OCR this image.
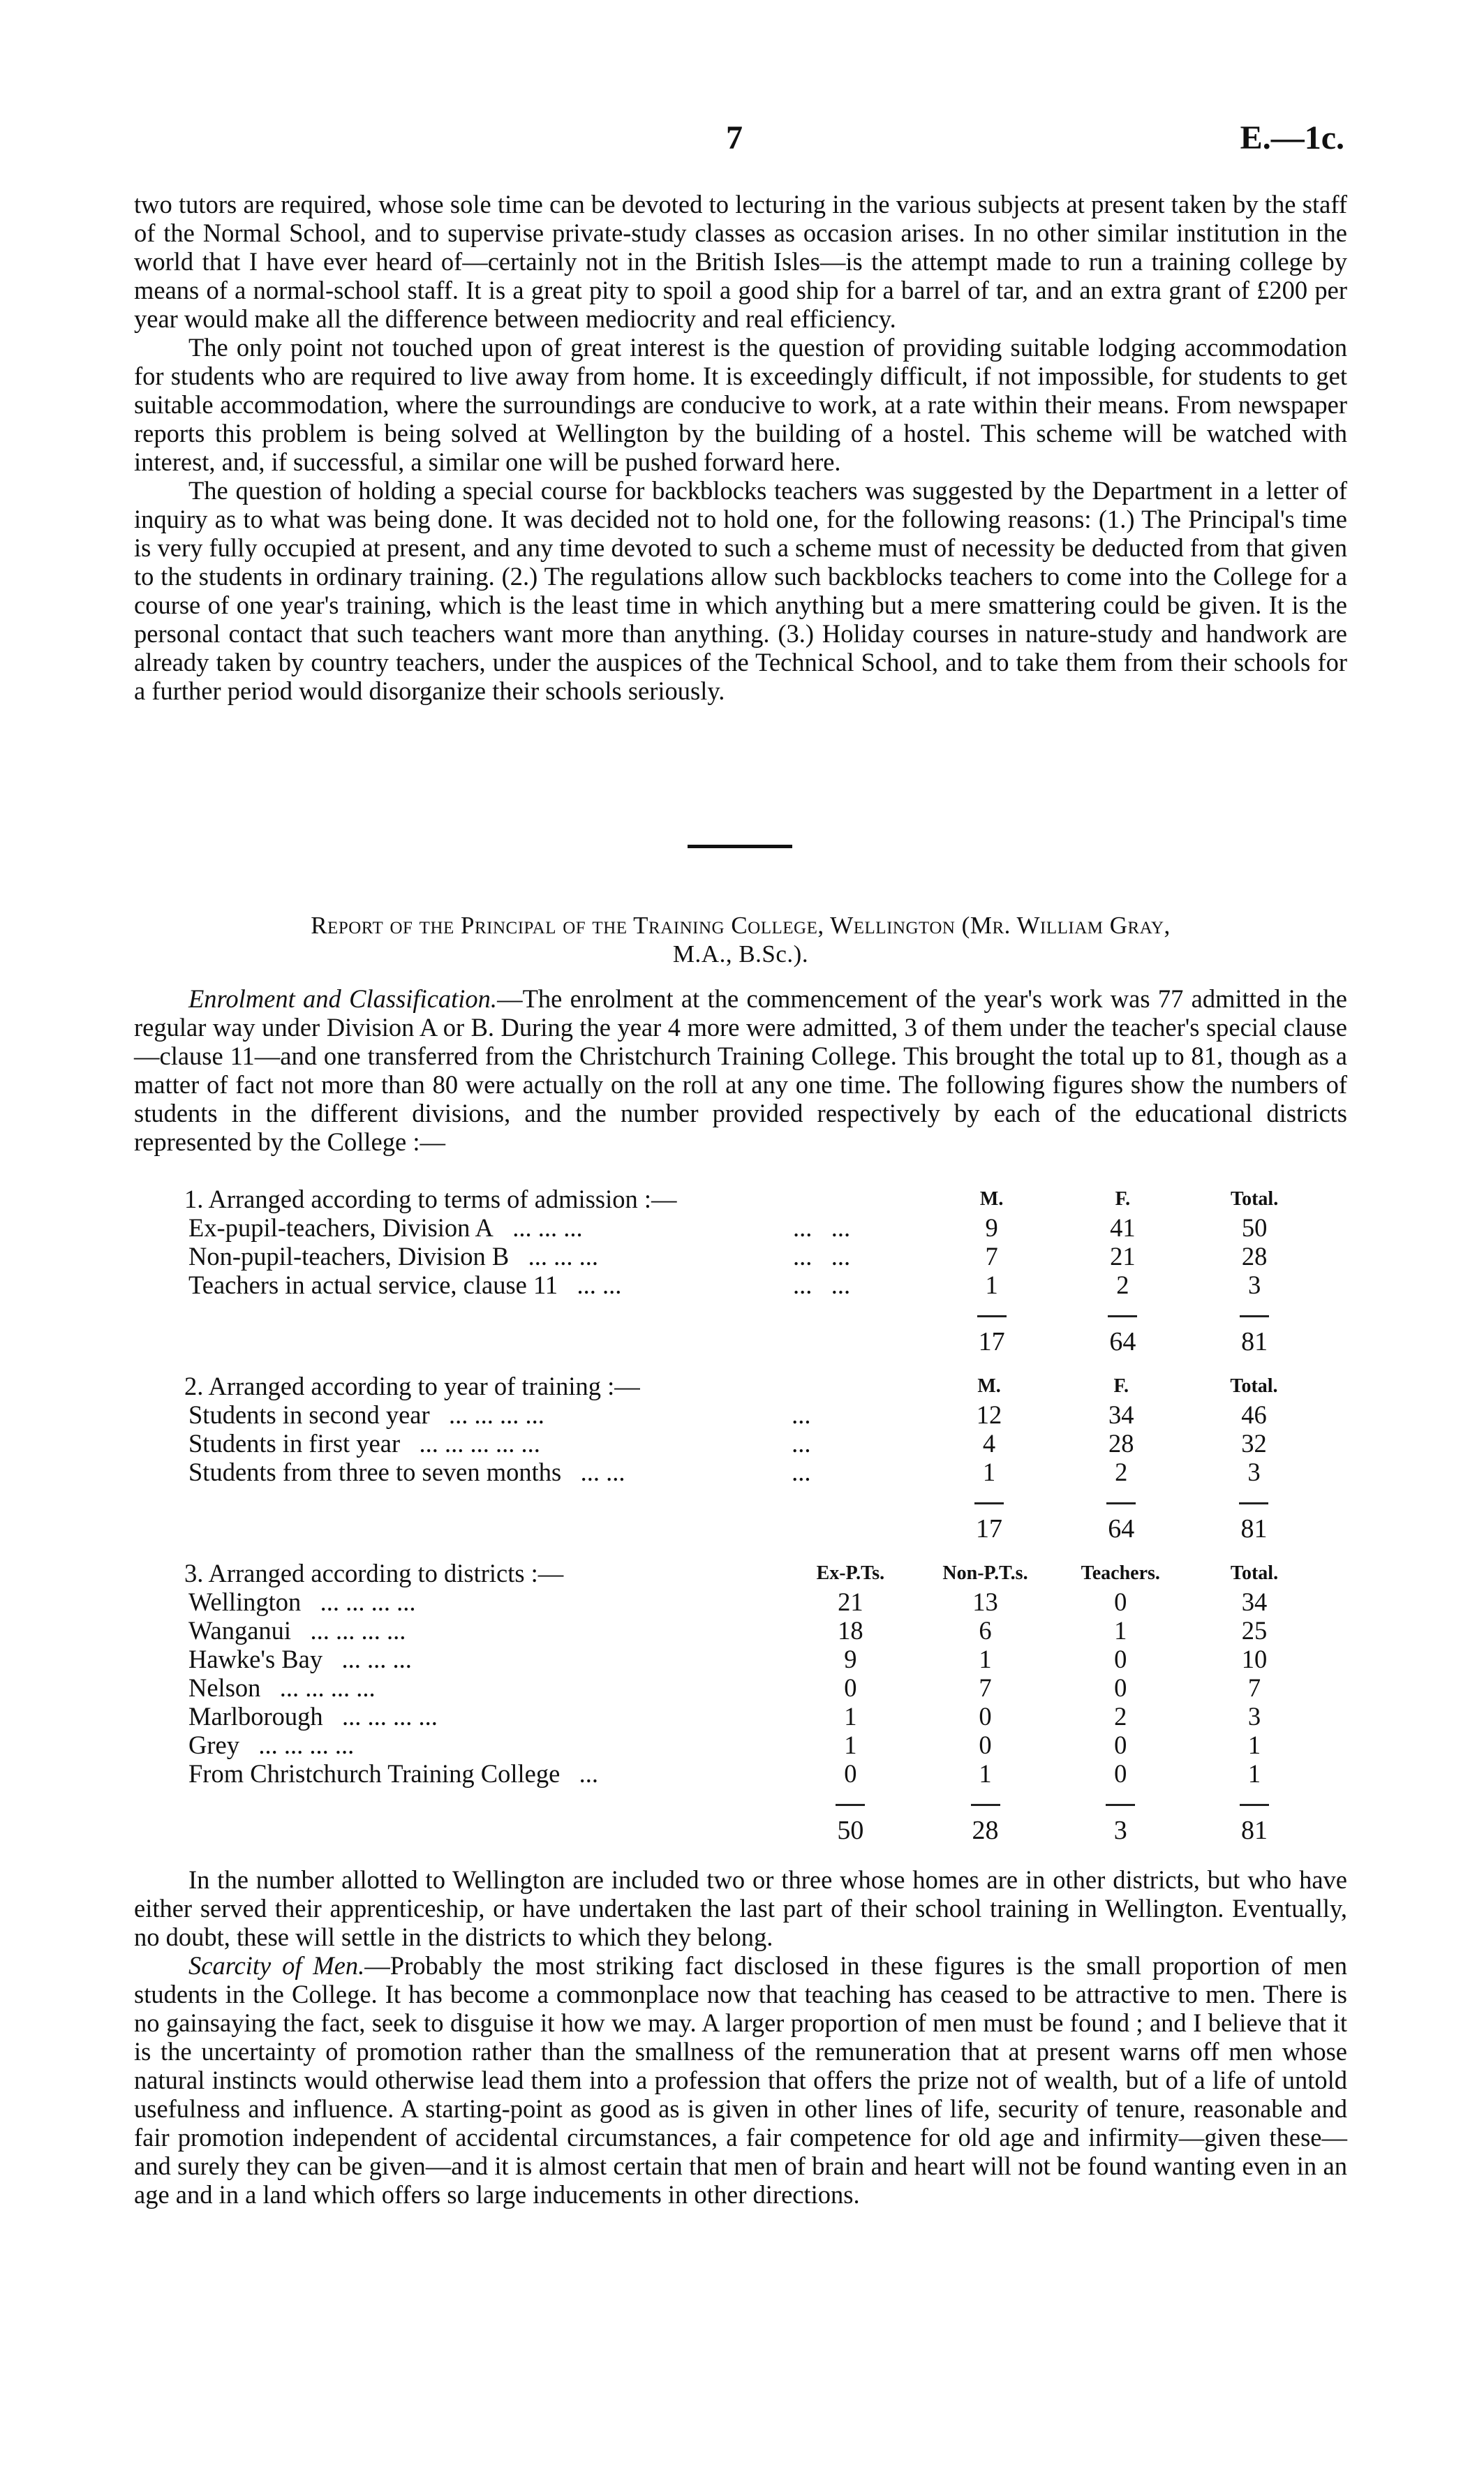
7	E.—1c.

two tutors are required, whose sole time can be devoted to lecturing in the various subjects at present taken by the staff of the Normal School, and to supervise private-study classes as occasion arises. In no other similar institution in the world that I have ever heard of—certainly not in the British Isles—is the attempt made to run a training college by means of a normal-school staff. It is a great pity to spoil a good ship for a barrel of tar, and an extra grant of £200 per year would make all the difference between mediocrity and real efficiency.

The only point not touched upon of great interest is the question of providing suitable lodging accommodation for students who are required to live away from home. It is exceedingly difficult, if not impossible, for students to get suitable accommodation, where the surroundings are conducive to work, at a rate within their means. From newspaper reports this problem is being solved at Wellington by the building of a hostel. This scheme will be watched with interest, and, if successful, a similar one will be pushed forward here.

The question of holding a special course for backblocks teachers was suggested by the Department in a letter of inquiry as to what was being done. It was decided not to hold one, for the following reasons: (1.) The Principal's time is very fully occupied at present, and any time devoted to such a scheme must of necessity be deducted from that given to the students in ordinary training. (2.) The regulations allow such backblocks teachers to come into the College for a course of one year's training, which is the least time in which anything but a mere smattering could be given. It is the personal contact that such teachers want more than anything. (3.) Holiday courses in nature-study and handwork are already taken by country teachers, under the auspices of the Technical School, and to take them from their schools for a further period would disorganize their schools seriously.

Report of the Principal of the Training College, Wellington (Mr. William Gray,
M.A., B.Sc.).

Enrolment and Classification.—The enrolment at the commencement of the year's work was 77 admitted in the regular way under Division A or B. During the year 4 more were admitted, 3 of them under the teacher's special clause—clause 11—and one transferred from the Christchurch Training College. This brought the total up to 81, though as a matter of fact not more than 80 were actually on the roll at any one time. The following figures show the numbers of students in the different divisions, and the number provided respectively by each of the educational districts represented by the College :—

1. Arranged according to terms of admission :—		M.	F.	Total.
Ex-pupil-teachers, Division A ... ... ...	...   ...	9	41	50
Non-pupil-teachers, Division B ... ... ...	...   ...	7	21	28
Teachers in actual service, clause 11 ... ...	...   ...	1	2	3

		17	64	81
2. Arranged according to year of training :—		M.	F.	Total.
Students in second year ... ... ... ...	...	12	34	46
Students in first year ... ... ... ... ...	...	4	28	32
Students from three to seven months ... ...	...	1	2	3

		17	64	81
3. Arranged according to districts :—	Ex-P.Ts.	Non-P.T.s.	Teachers.	Total.
Wellington ... ... ... ...	21	13	0	34
Wanganui ... ... ... ...	18	6	1	25
Hawke's Bay ... ... ...	9	1	0	10
Nelson ... ... ... ...	0	7	0	7
Marlborough ... ... ... ...	1	0	2	3
Grey ... ... ... ...	1	0	0	1
From Christchurch Training College ...	0	1	0	1

	50	28	3	81

In the number allotted to Wellington are included two or three whose homes are in other districts, but who have either served their apprenticeship, or have undertaken the last part of their school training in Wellington. Eventually, no doubt, these will settle in the districts to which they belong.

Scarcity of Men.—Probably the most striking fact disclosed in these figures is the small proportion of men students in the College. It has become a commonplace now that teaching has ceased to be attractive to men. There is no gainsaying the fact, seek to disguise it how we may. A larger proportion of men must be found ; and I believe that it is the uncertainty of promotion rather than the smallness of the remuneration that at present warns off men whose natural instincts would otherwise lead them into a profession that offers the prize not of wealth, but of a life of untold usefulness and influence. A starting-point as good as is given in other lines of life, security of tenure, reasonable and fair promotion independent of accidental circumstances, a fair competence for old age and infirmity—given these—and surely they can be given—and it is almost certain that men of brain and heart will not be found wanting even in an age and in a land which offers so large inducements in other directions.
